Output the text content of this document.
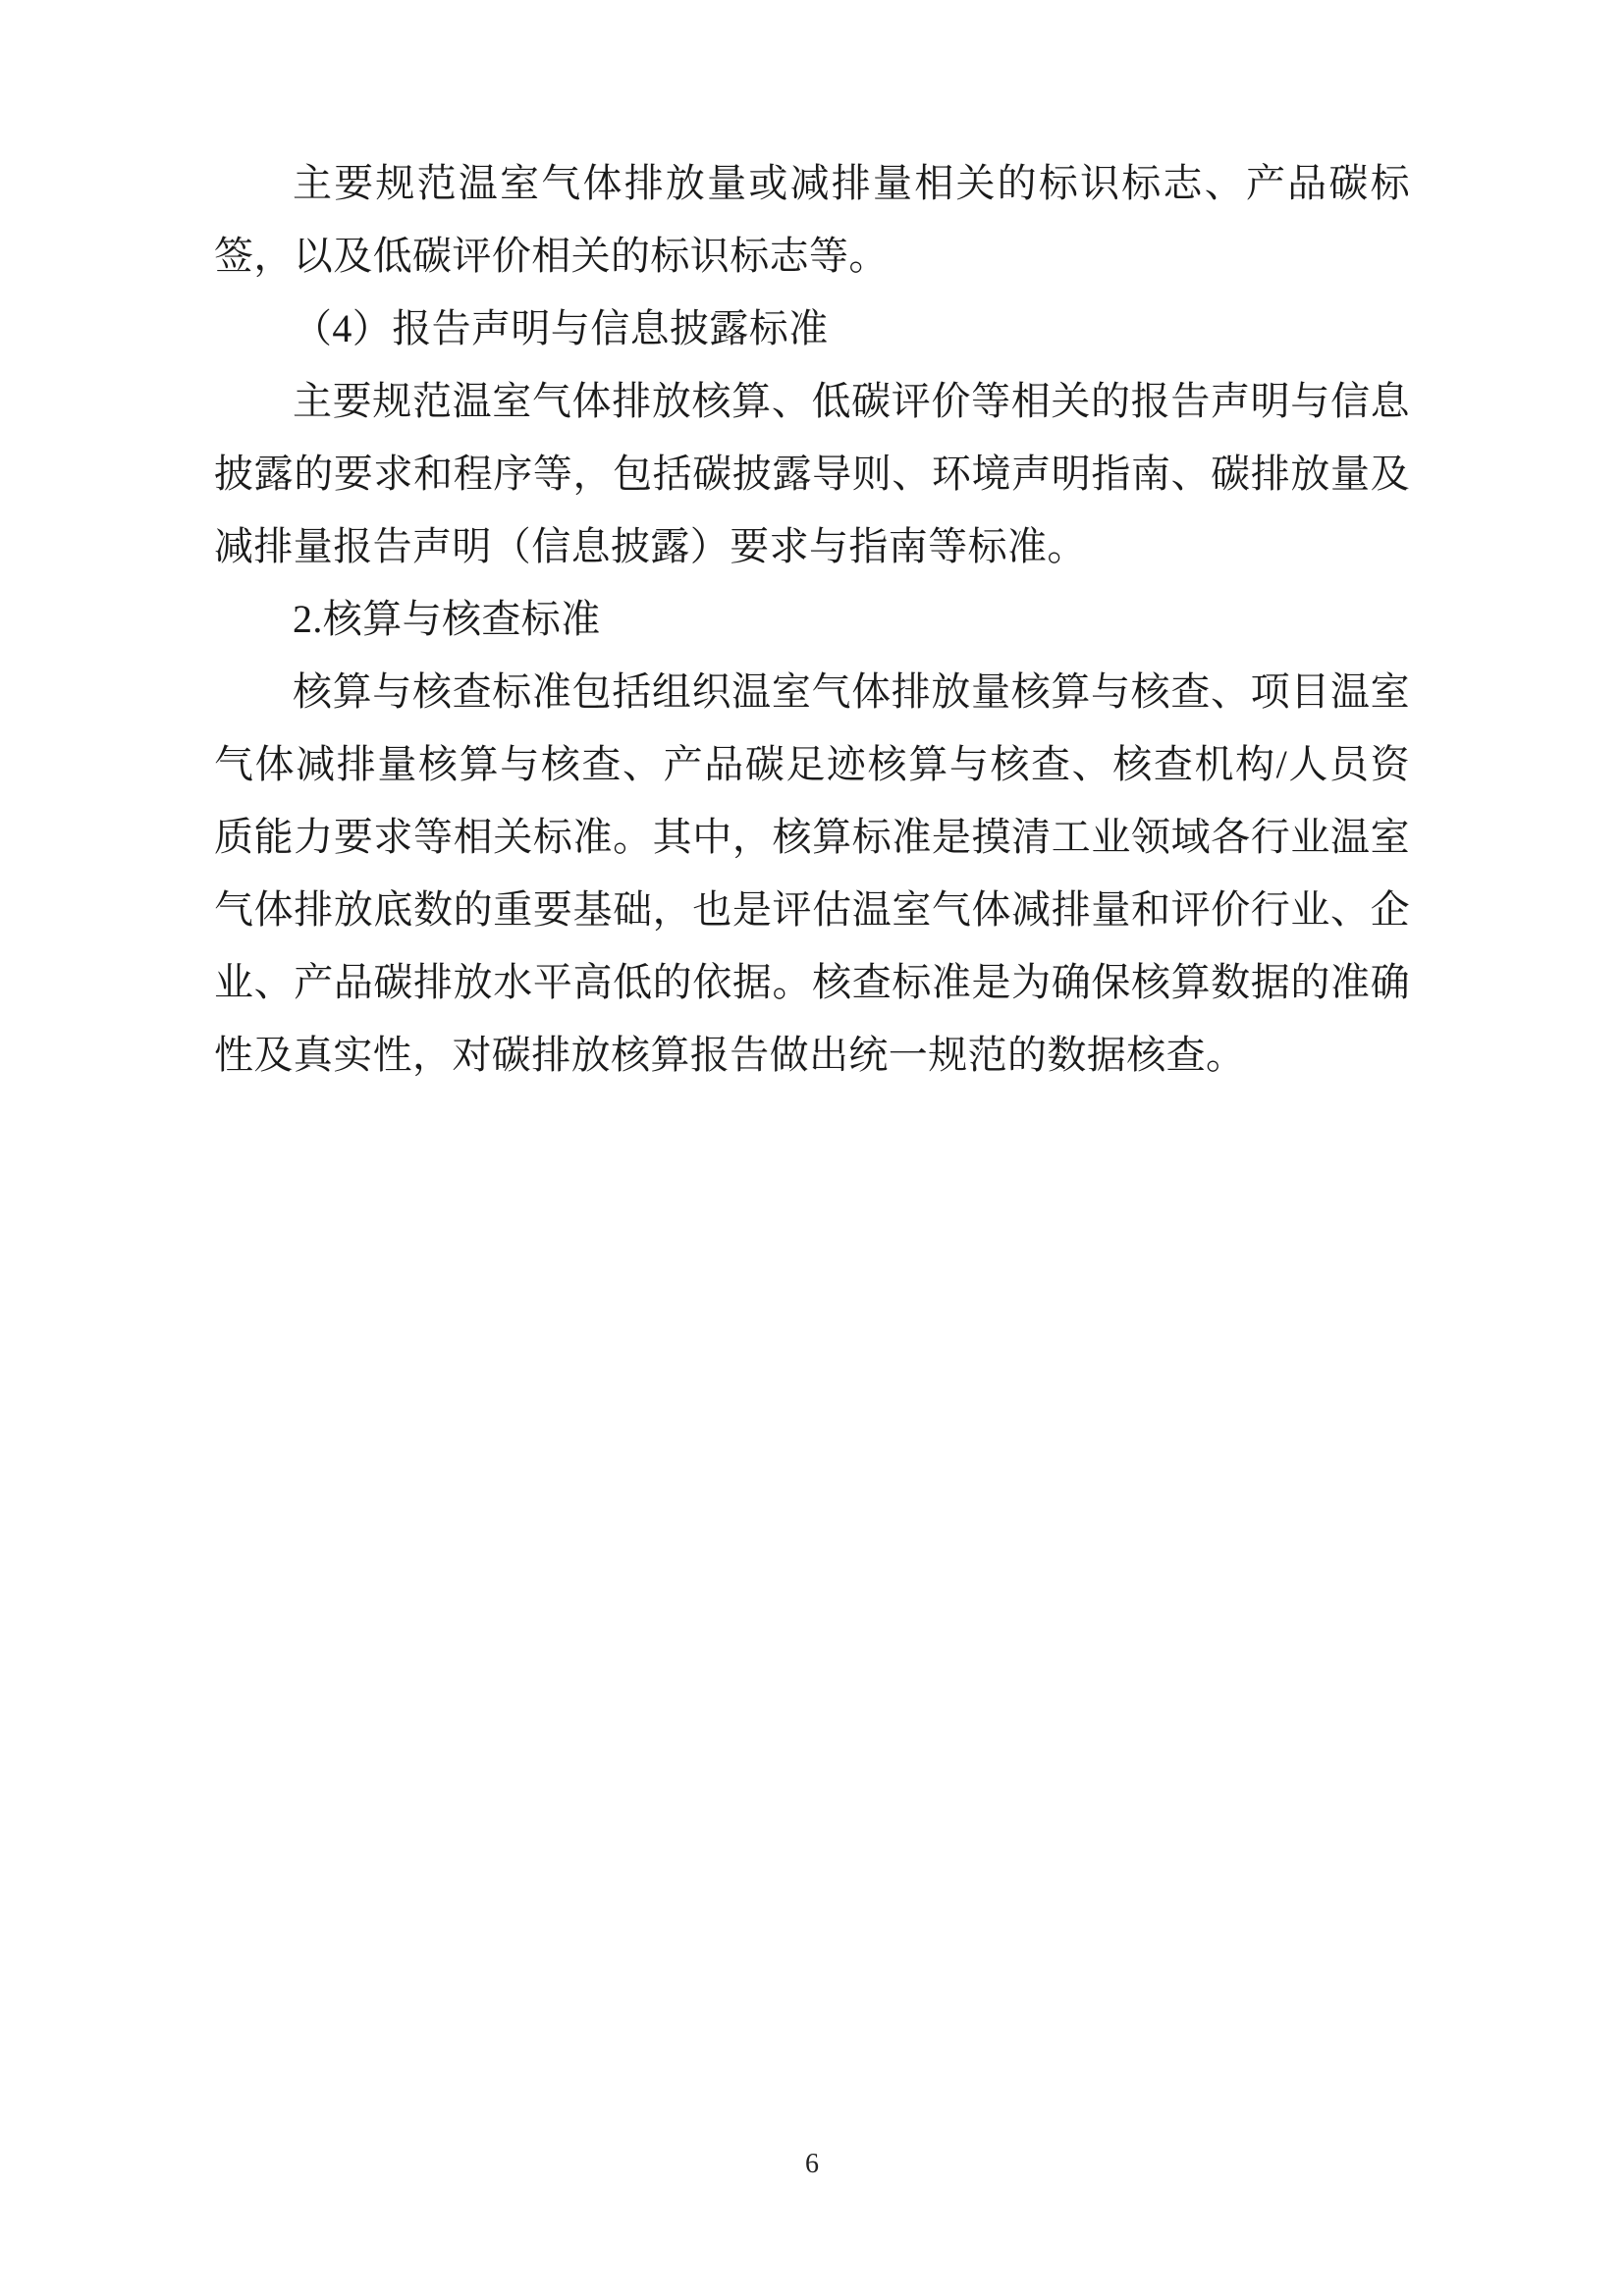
主要规范温室气体排放量或减排量相关的标识标志、产品碳标签，以及低碳评价相关的标识标志等。

（4）报告声明与信息披露标准

主要规范温室气体排放核算、低碳评价等相关的报告声明与信息披露的要求和程序等，包括碳披露导则、环境声明指南、碳排放量及减排量报告声明（信息披露）要求与指南等标准。

2.核算与核查标准

核算与核查标准包括组织温室气体排放量核算与核查、项目温室气体减排量核算与核查、产品碳足迹核算与核查、核查机构/人员资质能力要求等相关标准。其中，核算标准是摸清工业领域各行业温室气体排放底数的重要基础，也是评估温室气体减排量和评价行业、企业、产品碳排放水平高低的依据。核查标准是为确保核算数据的准确性及真实性，对碳排放核算报告做出统一规范的数据核查。

6
